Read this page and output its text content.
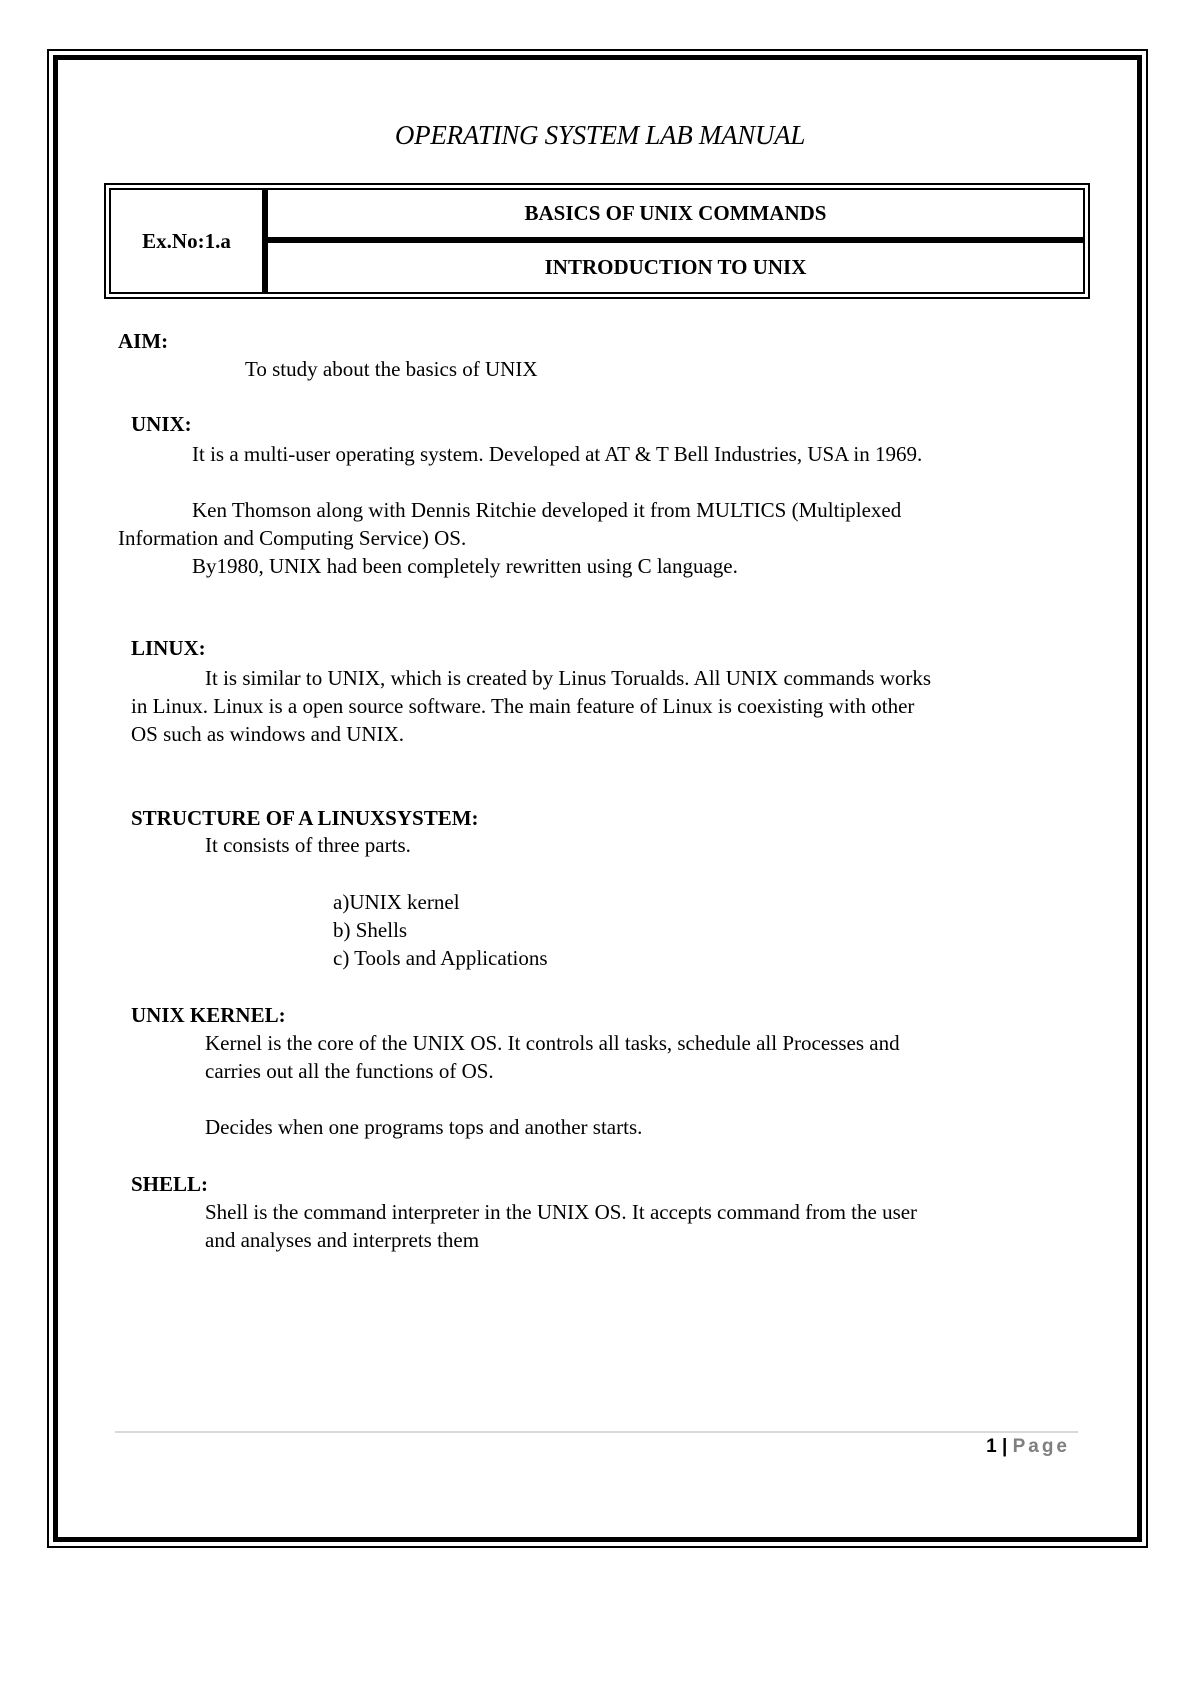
OPERATING SYSTEM LAB MANUAL
Ex.No:1.a
BASICS OF UNIX COMMANDS
INTRODUCTION TO UNIX
AIM:
To study about the basics of UNIX
UNIX:
It is a multi-user operating system. Developed at AT & T Bell Industries, USA in 1969.
Ken Thomson along with Dennis Ritchie developed it from MULTICS (Multiplexed
Information and Computing Service) OS.
By1980, UNIX had been completely rewritten using C language.
LINUX:
It is similar to UNIX, which is created by Linus Torualds. All UNIX commands works
in Linux. Linux is a open source software. The main feature of Linux is coexisting with other
OS such as windows and UNIX.
STRUCTURE OF A LINUXSYSTEM:
It consists of three parts.
a)UNIX kernel
b) Shells
c) Tools and Applications
UNIX KERNEL:
Kernel is the core of the UNIX OS. It controls all tasks, schedule all Processes and
carries out all the functions of OS.
Decides when one programs tops and another starts.
SHELL:
Shell is the command interpreter in the UNIX OS. It accepts command from the user
and analyses and interprets them
1 | Page
